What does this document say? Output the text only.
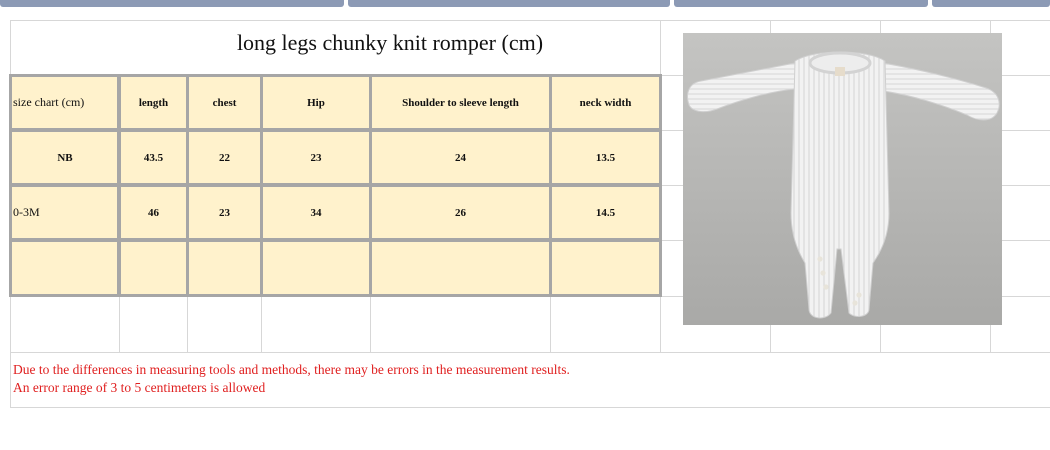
long legs chunky knit romper (cm)
size chart (cm)	length	chest	Hip	Shoulder to sleeve length	neck width
NB	43.5	22	23	24	13.5
0-3M	46	23	34	26	14.5
Due to the differences in measuring tools and methods, there may be errors in the measurement results.
An error range of 3 to 5 centimeters is allowed
